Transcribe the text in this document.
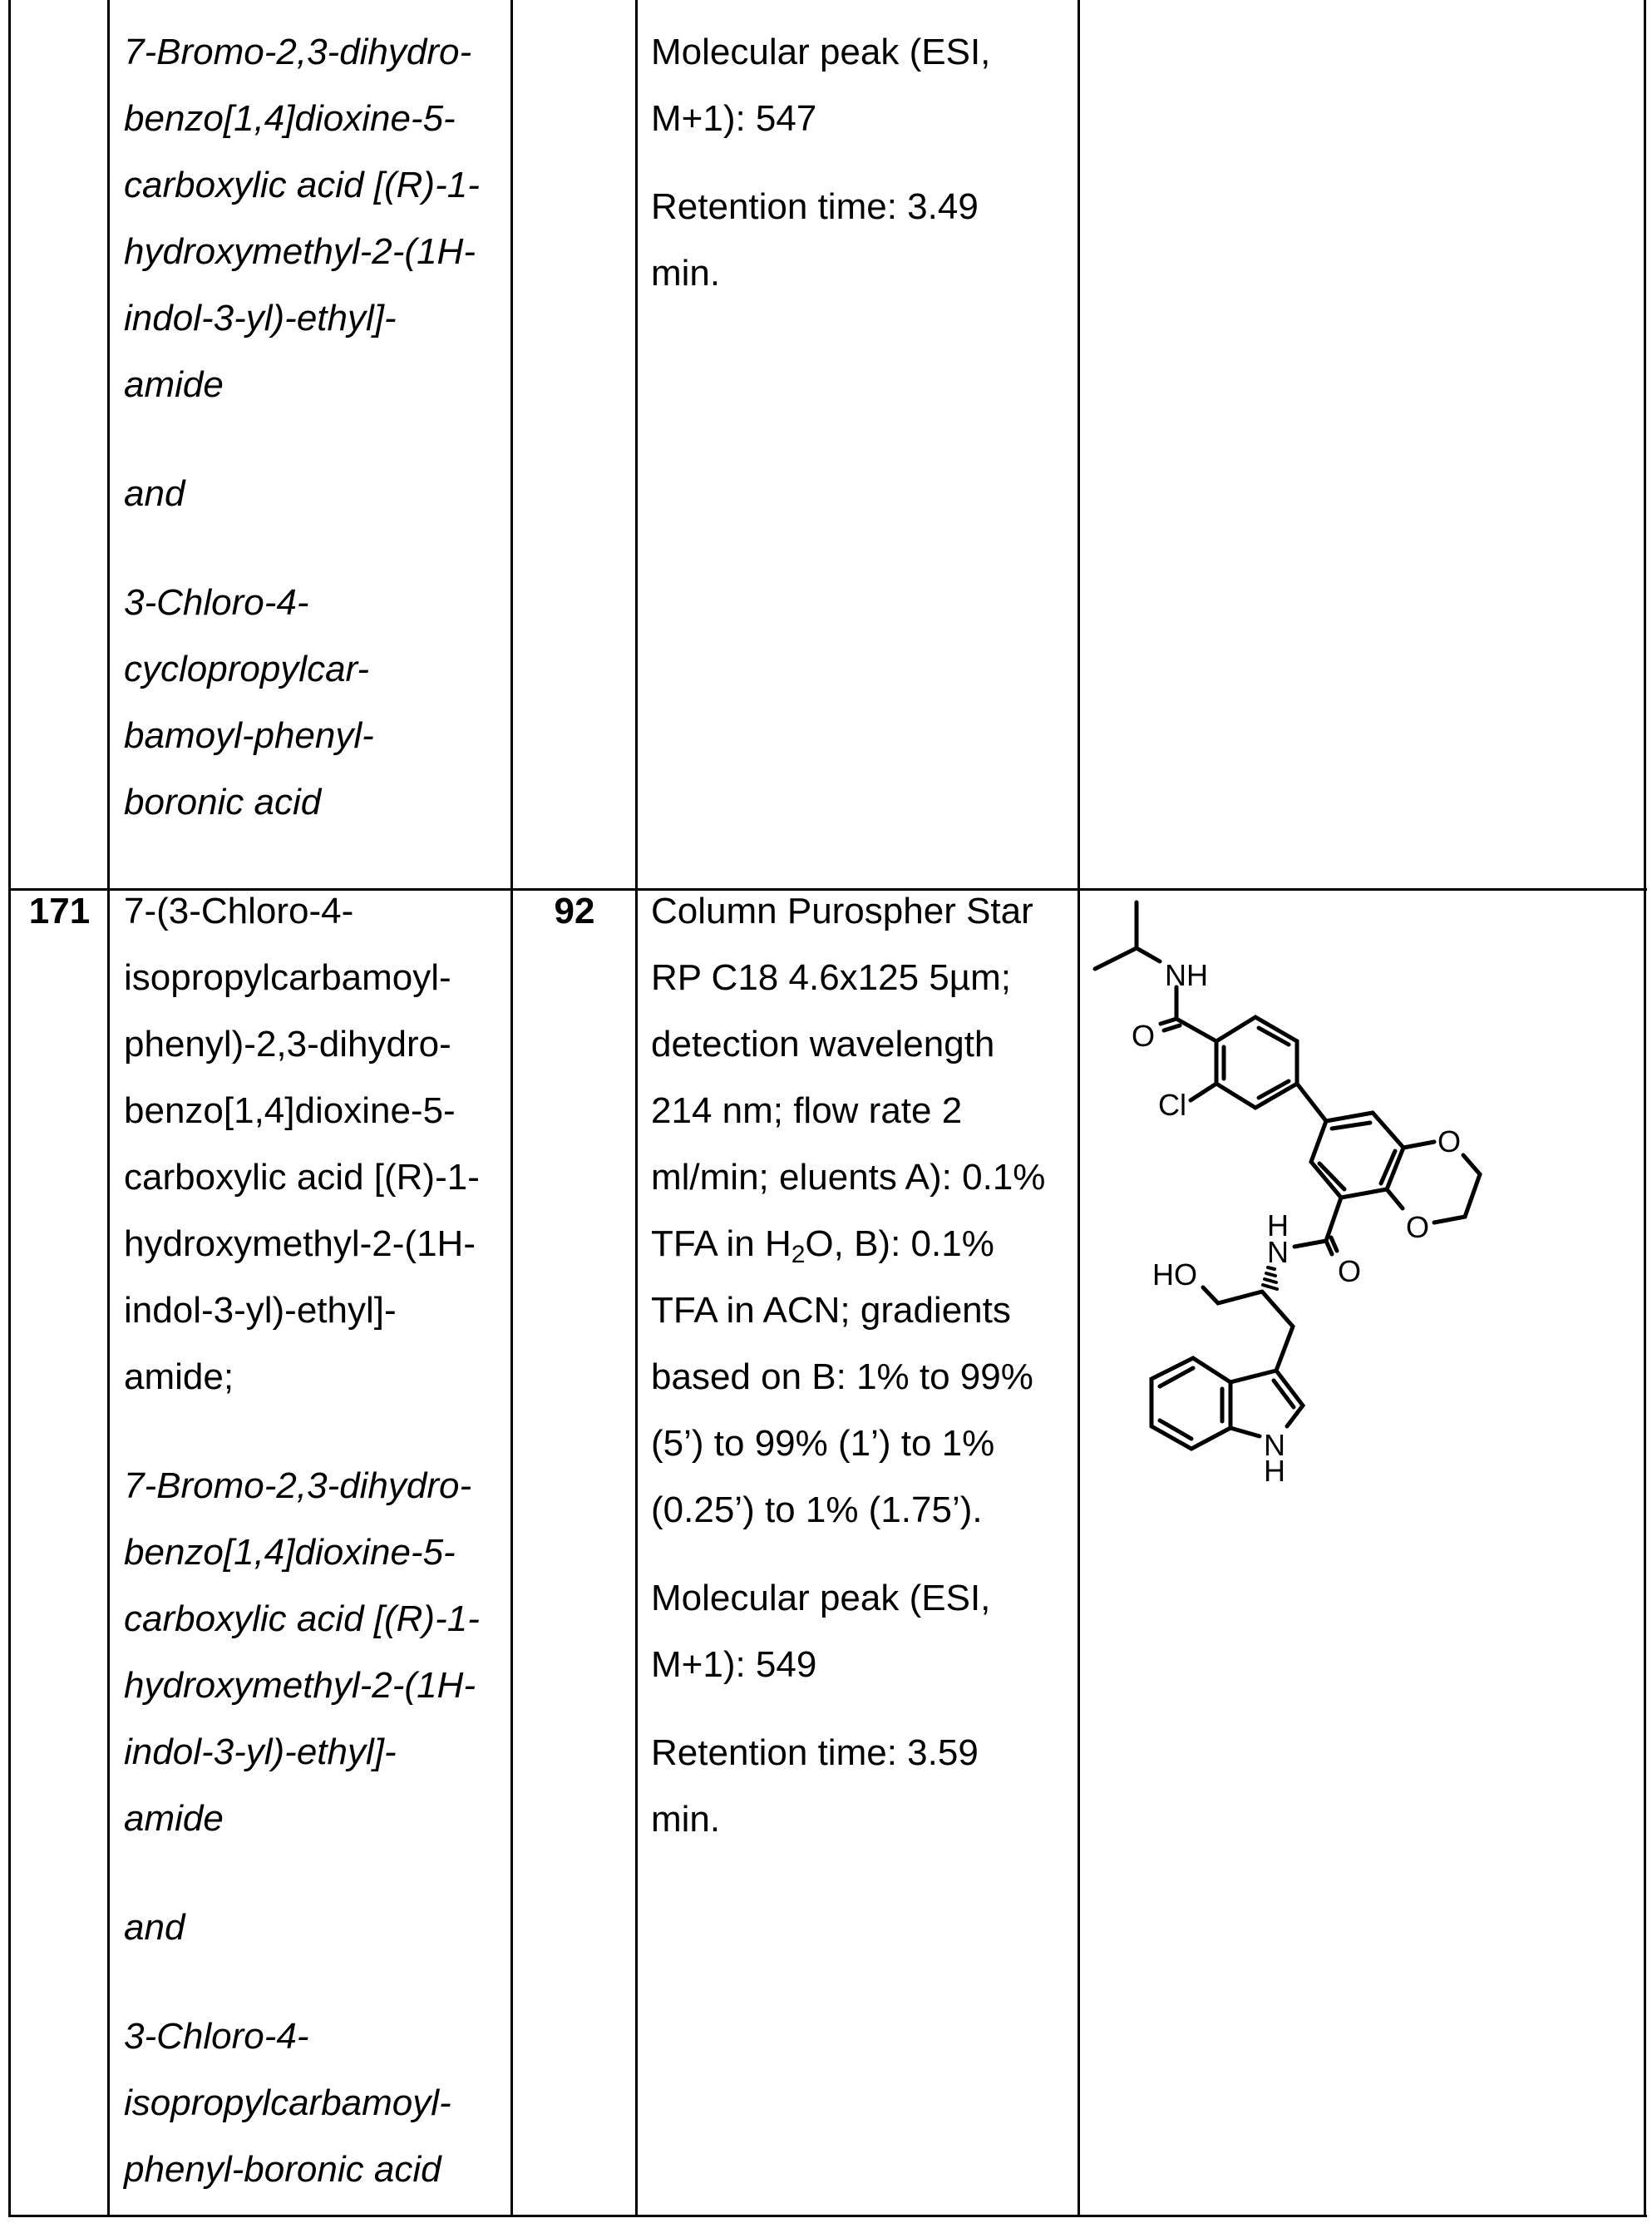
7-Bromo-2,3-dihydro-
benzo[1,4]dioxine-5-
carboxylic acid [(R)-1-
hydroxymethyl-2-(1H-
indol-3-yl)-ethyl]-
amide
and
3-Chloro-4-
cyclopropylcar-
bamoyl-phenyl-
boronic acid
Molecular peak (ESI,
M+1): 547
Retention time: 3.49
min.
171 7-(3-Chloro-4-
isopropylcarbamoyl-
phenyl)-2,3-dihydro-
benzo[1,4]dioxine-5-
carboxylic acid [(R)-1-
hydroxymethyl-2-(1H-
indol-3-yl)-ethyl]-
amide;
7-Bromo-2,3-dihydro-
benzo[1,4]dioxine-5-
carboxylic acid [(R)-1-
hydroxymethyl-2-(1H-
indol-3-yl)-ethyl]-
amide
and
3-Chloro-4-
isopropylcarbamoyl-
phenyl-boronic acid
92	Column Purospher Star
RP C18 4.6x125 5µm;
detection wavelength
214 nm; flow rate 2
ml/min; eluents A): 0.1%
TFA in H2O, B): 0.1%
TFA in ACN; gradients
based on B: 1% to 99%
(5’) to 99% (1’) to 1%
(0.25’) to 1% (1.75’).
Molecular peak (ESI,
M+1): 549
Retention time: 3.59
min.
NH
O
Cl
O
O
H
N
HO	O
N
H
